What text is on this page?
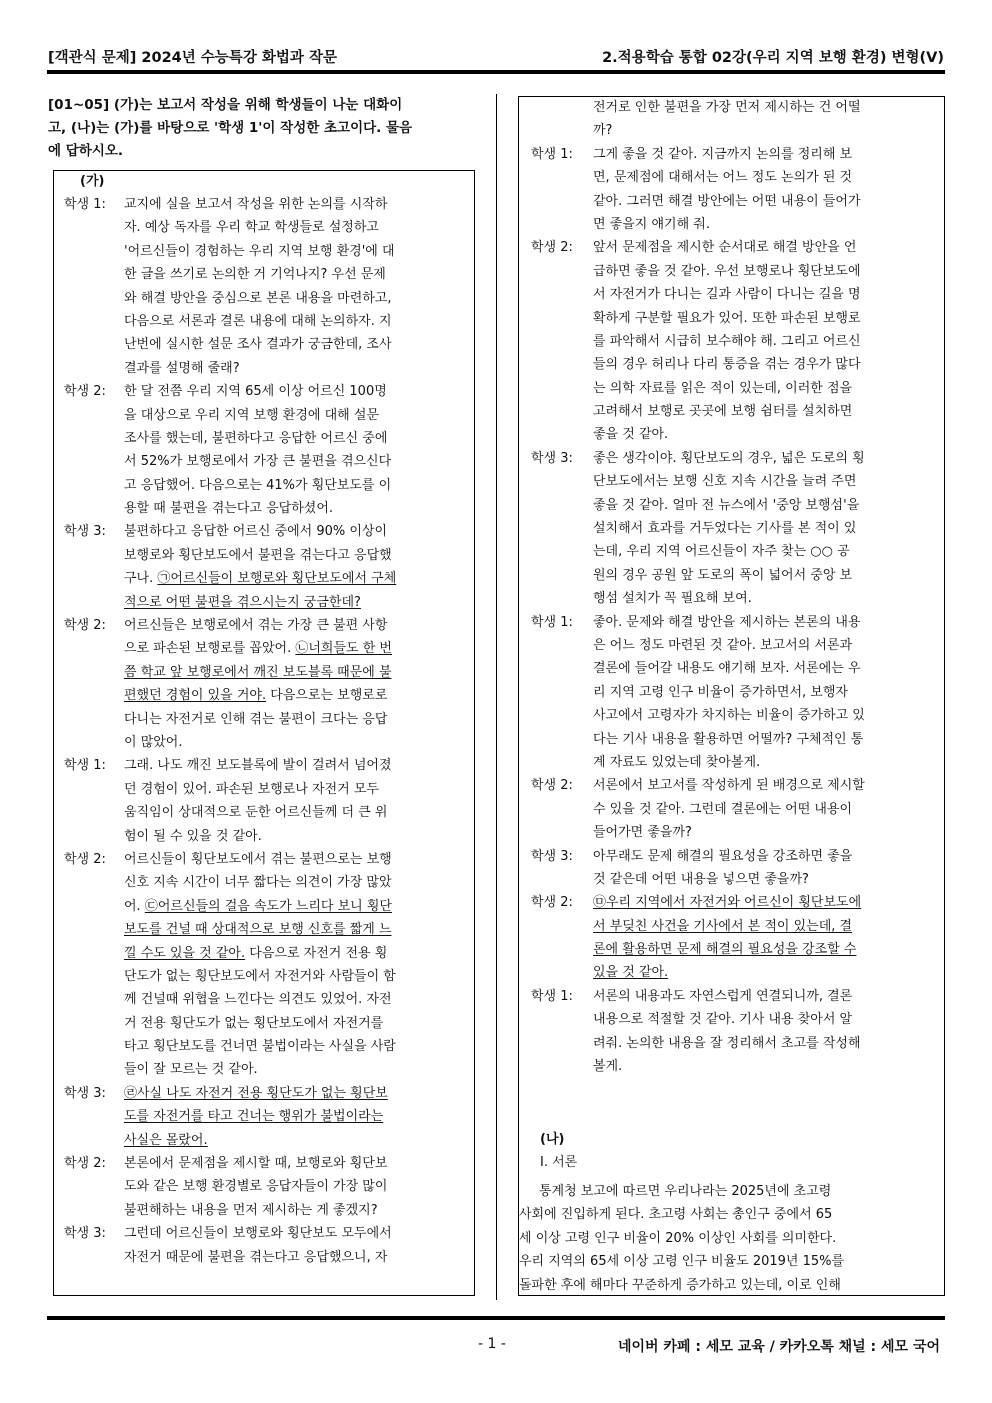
[객관식 문제] 2024년 수능특강 화법과 작문	2.적용학습 통합 02강(우리 지역 보행 환경) 변형(V)
[01~05] (가)는 보고서 작성을 위해 학생들이 나눈 대화이
고, (나)는 (가)를 바탕으로 '학생 1'이 작성한 초고이다. 물음
에 답하시오.
(가)
학생 1: 교지에 실을 보고서 작성을 위한 논의를 시작하
자. 예상 독자를 우리 학교 학생들로 설정하고
'어르신들이 경험하는 우리 지역 보행 환경'에 대
한 글을 쓰기로 논의한 거 기억나지? 우선 문제
와 해결 방안을 중심으로 본론 내용을 마련하고,
다음으로 서론과 결론 내용에 대해 논의하자. 지
난번에 실시한 설문 조사 결과가 궁금한데, 조사
결과를 설명해 줄래?
학생 2: 한 달 전쯤 우리 지역 65세 이상 어르신 100명
을 대상으로 우리 지역 보행 환경에 대해 설문
조사를 했는데, 불편하다고 응답한 어르신 중에
서 52%가 보행로에서 가장 큰 불편을 겪으신다
고 응답했어. 다음으로는 41%가 횡단보도를 이
용할 때 불편을 겪는다고 응답하셨어.
학생 3: 불편하다고 응답한 어르신 중에서 90% 이상이
보행로와 횡단보도에서 불편을 겪는다고 응답했
구나. ㉠어르신들이 보행로와 횡단보도에서 구체
적으로 어떤 불편을 겪으시는지 궁금한데?
학생 2: 어르신들은 보행로에서 겪는 가장 큰 불편 사항
으로 파손된 보행로를 꼽았어. ㉡너희들도 한 번
쯤 학교 앞 보행로에서 깨진 보도블록 때문에 불
편했던 경험이 있을 거야. 다음으로는 보행로로
다니는 자전거로 인해 겪는 불편이 크다는 응답
이 많았어.
학생 1: 그래. 나도 깨진 보도블록에 발이 걸려서 넘어졌
던 경험이 있어. 파손된 보행로나 자전거 모두
움직임이 상대적으로 둔한 어르신들께 더 큰 위
험이 될 수 있을 것 같아.
학생 2: 어르신들이 횡단보도에서 겪는 불편으로는 보행
신호 지속 시간이 너무 짧다는 의견이 가장 많았
어. ㉢어르신들의 걸음 속도가 느리다 보니 횡단
보도를 건널 때 상대적으로 보행 신호를 짧게 느
낄 수도 있을 것 같아. 다음으로 자전거 전용 횡
단도가 없는 횡단보도에서 자전거와 사람들이 함
께 건널때 위협을 느낀다는 의견도 있었어. 자전
거 전용 횡단도가 없는 횡단보도에서 자전거를
타고 횡단보도를 건너면 불법이라는 사실을 사람
들이 잘 모르는 것 같아.
학생 3: ㉣사실 나도 자전거 전용 횡단도가 없는 횡단보
도를 자전거를 타고 건너는 행위가 불법이라는
사실은 몰랐어.
학생 2: 본론에서 문제점을 제시할 때, 보행로와 횡단보
도와 같은 보행 환경별로 응답자들이 가장 많이
불편해하는 내용을 먼저 제시하는 게 좋겠지?
학생 3: 그런데 어르신들이 보행로와 횡단보도 모두에서
자전거 때문에 불편을 겪는다고 응답했으니, 자
전거로 인한 불편을 가장 먼저 제시하는 건 어떨
까?
학생 1: 그게 좋을 것 같아. 지금까지 논의를 정리해 보
면, 문제점에 대해서는 어느 정도 논의가 된 것
같아. 그러면 해결 방안에는 어떤 내용이 들어가
면 좋을지 얘기해 줘.
학생 2: 앞서 문제점을 제시한 순서대로 해결 방안을 언
급하면 좋을 것 같아. 우선 보행로나 횡단보도에
서 자전거가 다니는 길과 사람이 다니는 길을 명
확하게 구분할 필요가 있어. 또한 파손된 보행로
를 파악해서 시급히 보수해야 해. 그리고 어르신
들의 경우 허리나 다리 통증을 겪는 경우가 많다
는 의학 자료를 읽은 적이 있는데, 이러한 점을
고려해서 보행로 곳곳에 보행 쉼터를 설치하면
좋을 것 같아.
학생 3: 좋은 생각이야. 횡단보도의 경우, 넓은 도로의 횡
단보도에서는 보행 신호 지속 시간을 늘려 주면
좋을 것 같아. 얼마 전 뉴스에서 '중앙 보행섬'을
설치해서 효과를 거두었다는 기사를 본 적이 있
는데, 우리 지역 어르신들이 자주 찾는 ○○ 공
원의 경우 공원 앞 도로의 폭이 넓어서 중앙 보
행섬 설치가 꼭 필요해 보여.
학생 1: 좋아. 문제와 해결 방안을 제시하는 본론의 내용
은 어느 정도 마련된 것 같아. 보고서의 서론과
결론에 들어갈 내용도 얘기해 보자. 서론에는 우
리 지역 고령 인구 비율이 증가하면서, 보행자
사고에서 고령자가 차지하는 비율이 증가하고 있
다는 기사 내용을 활용하면 어떨까? 구체적인 통
계 자료도 있었는데 찾아볼게.
학생 2: 서론에서 보고서를 작성하게 된 배경으로 제시할
수 있을 것 같아. 그런데 결론에는 어떤 내용이
들어가면 좋을까?
학생 3: 아무래도 문제 해결의 필요성을 강조하면 좋을
것 같은데 어떤 내용을 넣으면 좋을까?
학생 2: ㉤우리 지역에서 자전거와 어르신이 횡단보도에
서 부딪친 사건을 기사에서 본 적이 있는데, 결
론에 활용하면 문제 해결의 필요성을 강조할 수
있을 것 같아.
학생 1: 서론의 내용과도 자연스럽게 연결되니까, 결론
내용으로 적절할 것 같아. 기사 내용 찾아서 알
려줘. 논의한 내용을 잘 정리해서 초고를 작성해
볼게.
(나)
Ⅰ. 서론
통계청 보고에 따르면 우리나라는 2025년에 초고령
사회에 진입하게 된다. 초고령 사회는 총인구 중에서 65
세 이상 고령 인구 비율이 20% 이상인 사회를 의미한다.
우리 지역의 65세 이상 고령 인구 비율도 2019년 15%를
돌파한 후에 해마다 꾸준하게 증가하고 있는데, 이로 인해
- 1 -	네이버 카페 : 세모 교육 / 카카오톡 채널 : 세모 국어
